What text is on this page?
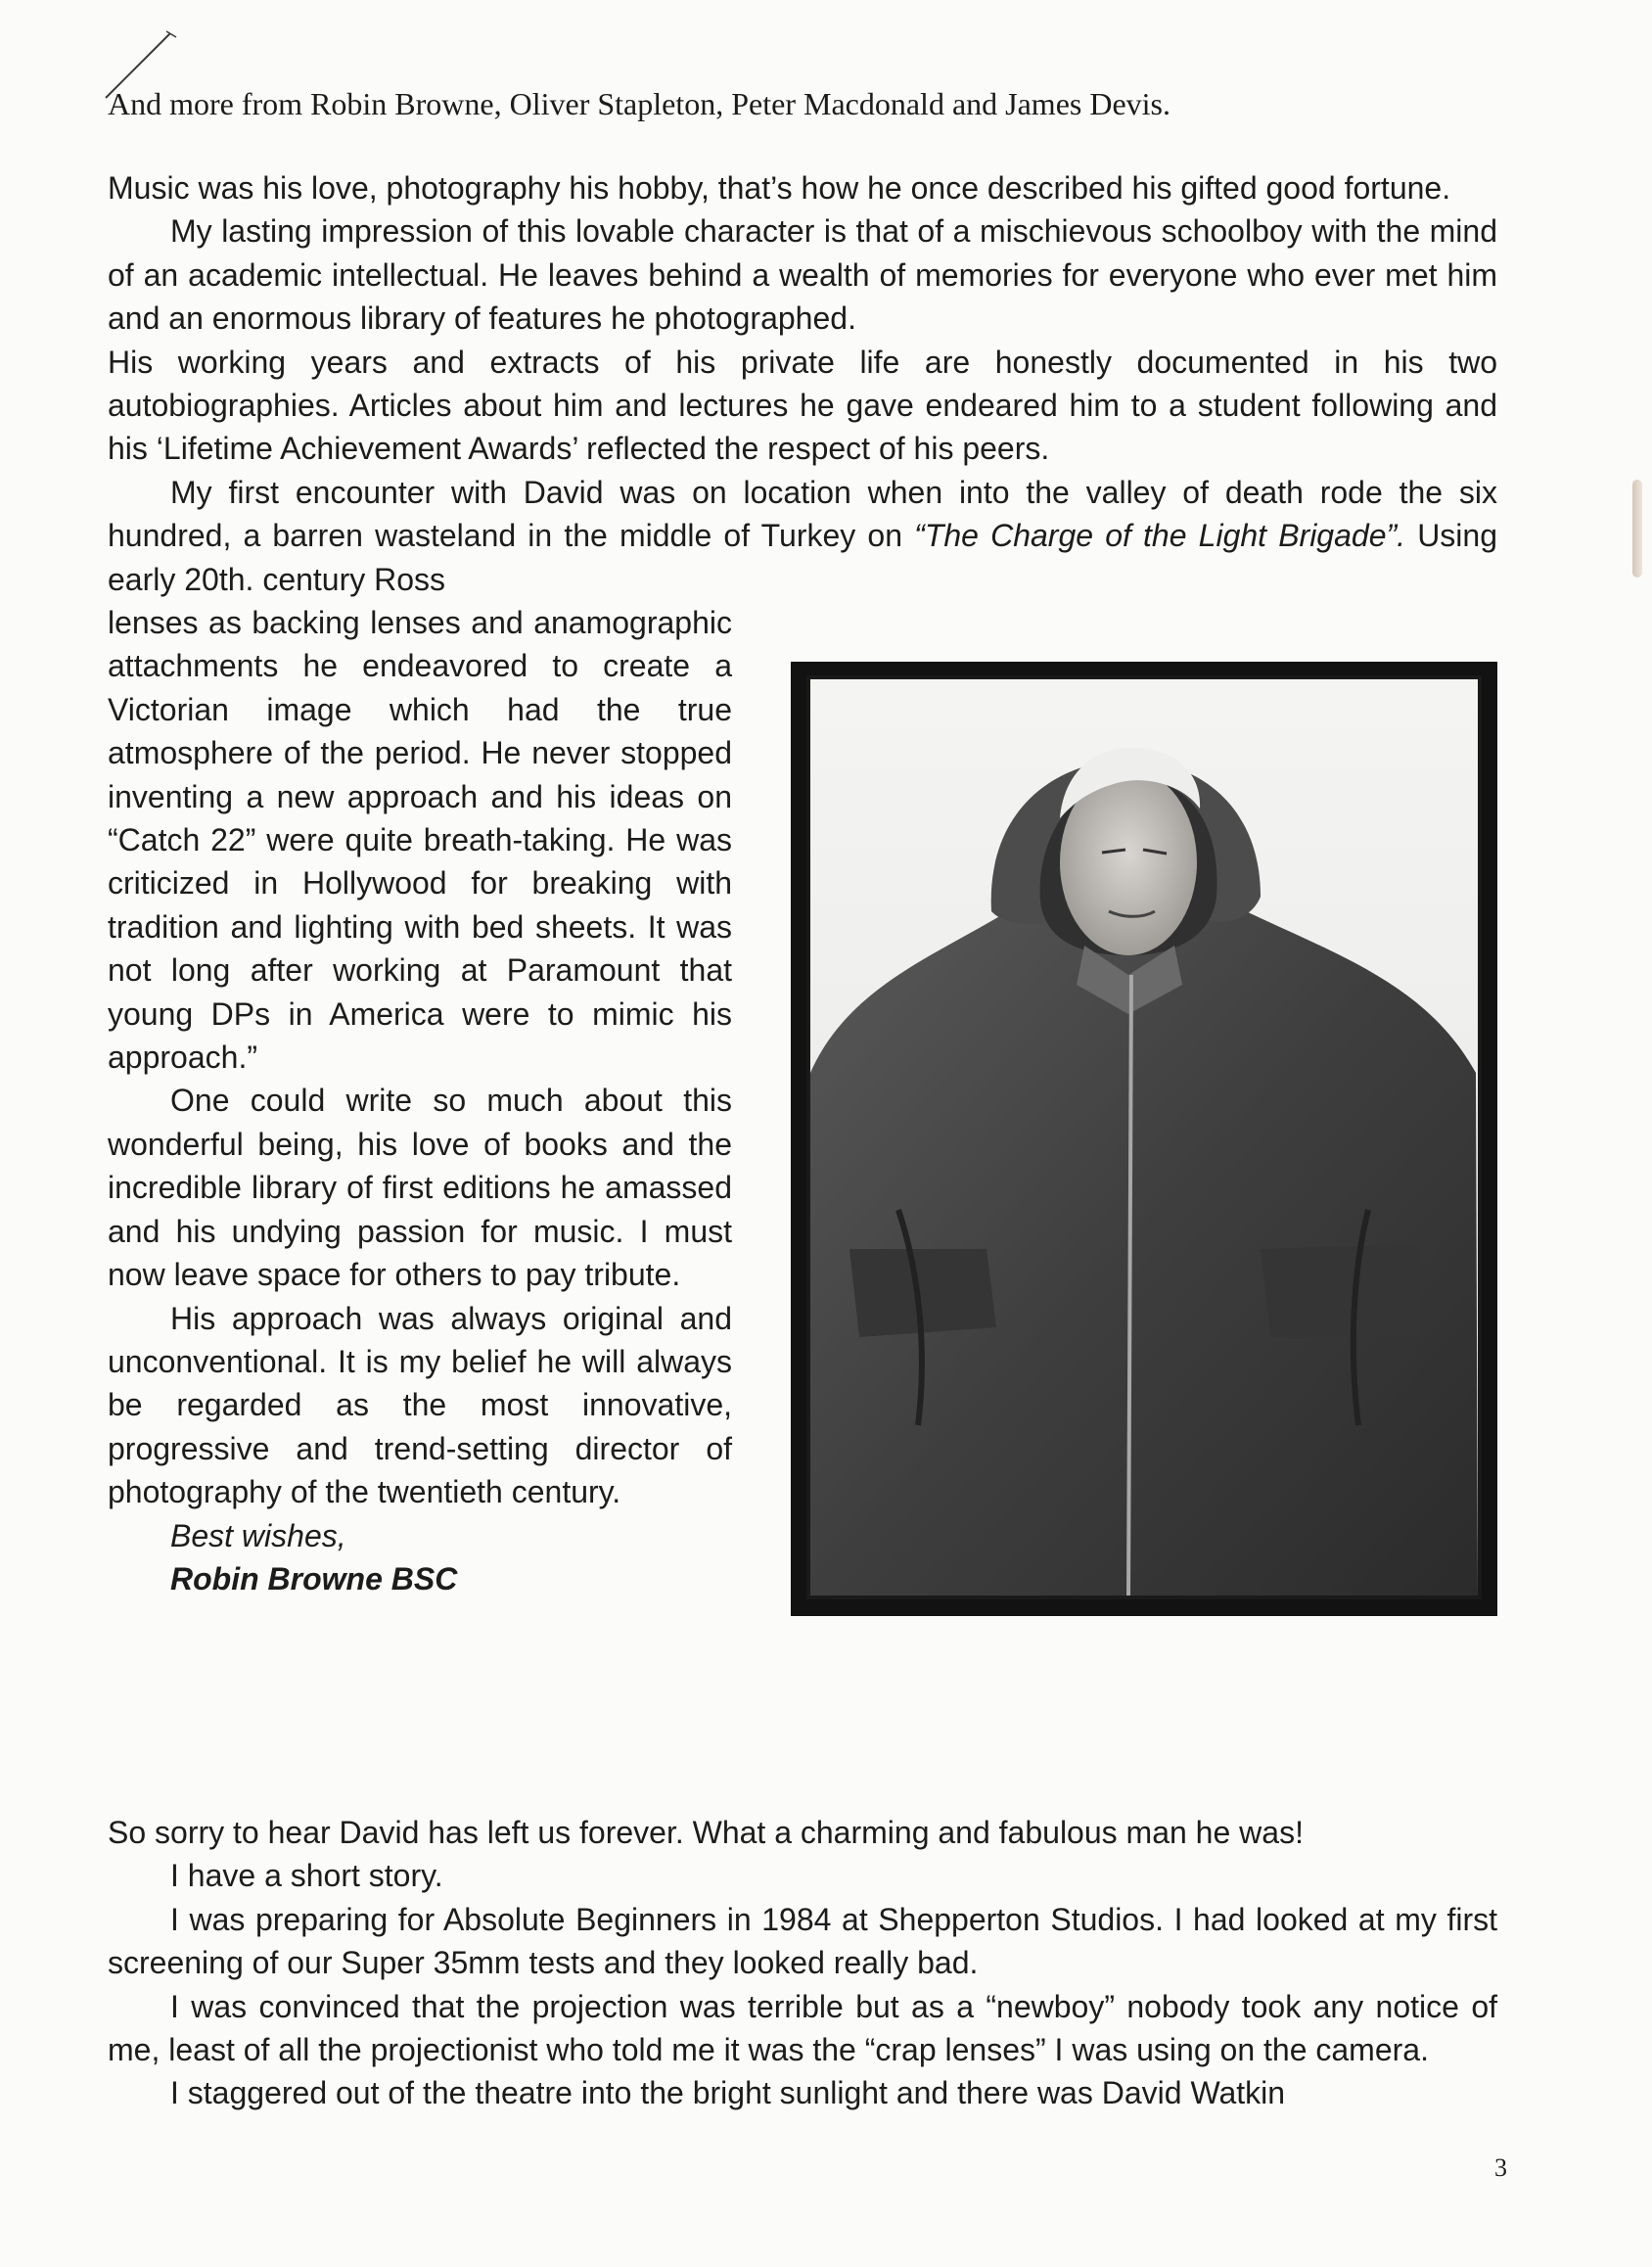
And more from Robin Browne, Oliver Stapleton, Peter Macdonald and James Devis.

Music was his love, photography his hobby, that’s how he once described his gifted good fortune.

My lasting impression of this lovable character is that of a mischievous schoolboy with the mind of an academic intellectual. He leaves behind a wealth of memories for everyone who ever met him and an enormous library of features he photographed.

His working years and extracts of his private life are honestly documented in his two autobiographies. Articles about him and lectures he gave endeared him to a student following and his ‘Lifetime Achievement Awards’ reflected the respect of his peers.

My first encounter with David was on location when into the valley of death rode the six hundred, a barren wasteland in the middle of Turkey on “The Charge of the Light Brigade”. Using early 20th. century Ross

lenses as backing lenses and anamographic attachments he endeavored to create a Victorian image which had the true atmosphere of the period. He never stopped inventing a new approach and his ideas on “Catch 22” were quite breath-taking. He was criticized in Hollywood for breaking with tradition and lighting with bed sheets. It was not long after working at Paramount that young DPs in America were to mimic his approach.”

One could write so much about this wonderful being, his love of books and the incredible library of first editions he amassed and his undying passion for music. I must now leave space for others to pay tribute.

His approach was always original and unconventional. It is my belief he will always be regarded as the most innovative, progressive and trend-setting director of photography of the twentieth century.

Best wishes,

Robin Browne BSC

So sorry to hear David has left us forever. What a charming and fabulous man he was!

I have a short story.

I was preparing for Absolute Beginners in 1984 at Shepperton Studios. I had looked at my first screening of our Super 35mm tests and they looked really bad.

I was convinced that the projection was terrible but as a “newboy” nobody took any notice of me, least of all the projectionist who told me it was the “crap lenses” I was using on the camera.

I staggered out of the theatre into the bright sunlight and there was David Watkin

3
